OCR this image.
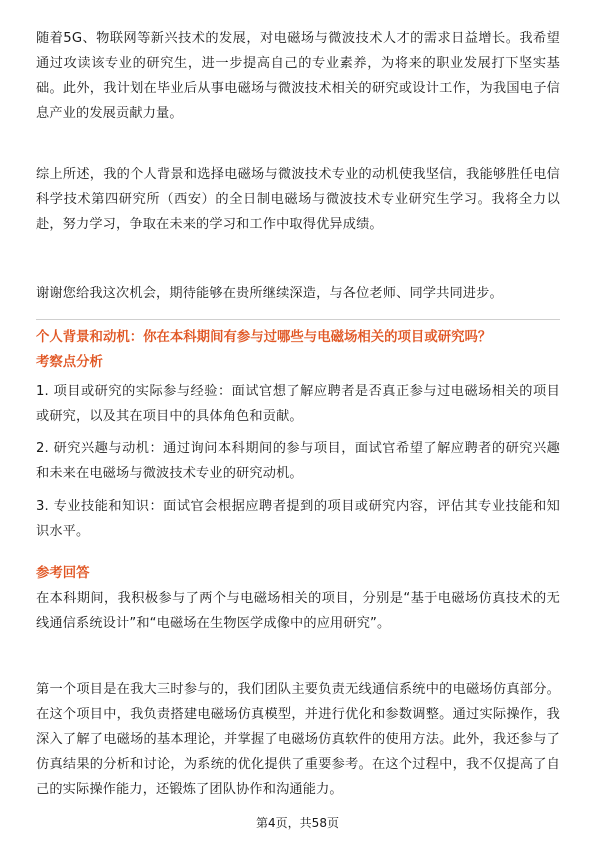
随着5G、物联网等新兴技术的发展，对电磁场与微波技术人才的需求日益增长。我希望通过攻读该专业的研究生，进一步提高自己的专业素养，为将来的职业发展打下坚实基础。此外，我计划在毕业后从事电磁场与微波技术相关的研究或设计工作，为我国电子信息产业的发展贡献力量。

综上所述，我的个人背景和选择电磁场与微波技术专业的动机使我坚信，我能够胜任电信科学技术第四研究所（西安）的全日制电磁场与微波技术专业研究生学习。我将全力以赴，努力学习，争取在未来的学习和工作中取得优异成绩。

谢谢您给我这次机会，期待能够在贵所继续深造，与各位老师、同学共同进步。

个人背景和动机：你在本科期间有参与过哪些与电磁场相关的项目或研究吗？

考察点分析

1. 项目或研究的实际参与经验：面试官想了解应聘者是否真正参与过电磁场相关的项目或研究，以及其在项目中的具体角色和贡献。

2. 研究兴趣与动机：通过询问本科期间的参与项目，面试官希望了解应聘者的研究兴趣和未来在电磁场与微波技术专业的研究动机。

3. 专业技能和知识：面试官会根据应聘者提到的项目或研究内容，评估其专业技能和知识水平。

参考回答

在本科期间，我积极参与了两个与电磁场相关的项目，分别是“基于电磁场仿真技术的无线通信系统设计”和“电磁场在生物医学成像中的应用研究”。

第一个项目是在我大三时参与的，我们团队主要负责无线通信系统中的电磁场仿真部分。在这个项目中，我负责搭建电磁场仿真模型，并进行优化和参数调整。通过实际操作，我深入了解了电磁场的基本理论，并掌握了电磁场仿真软件的使用方法。此外，我还参与了仿真结果的分析和讨论，为系统的优化提供了重要参考。在这个过程中，我不仅提高了自己的实际操作能力，还锻炼了团队协作和沟通能力。

第4页，共58页
